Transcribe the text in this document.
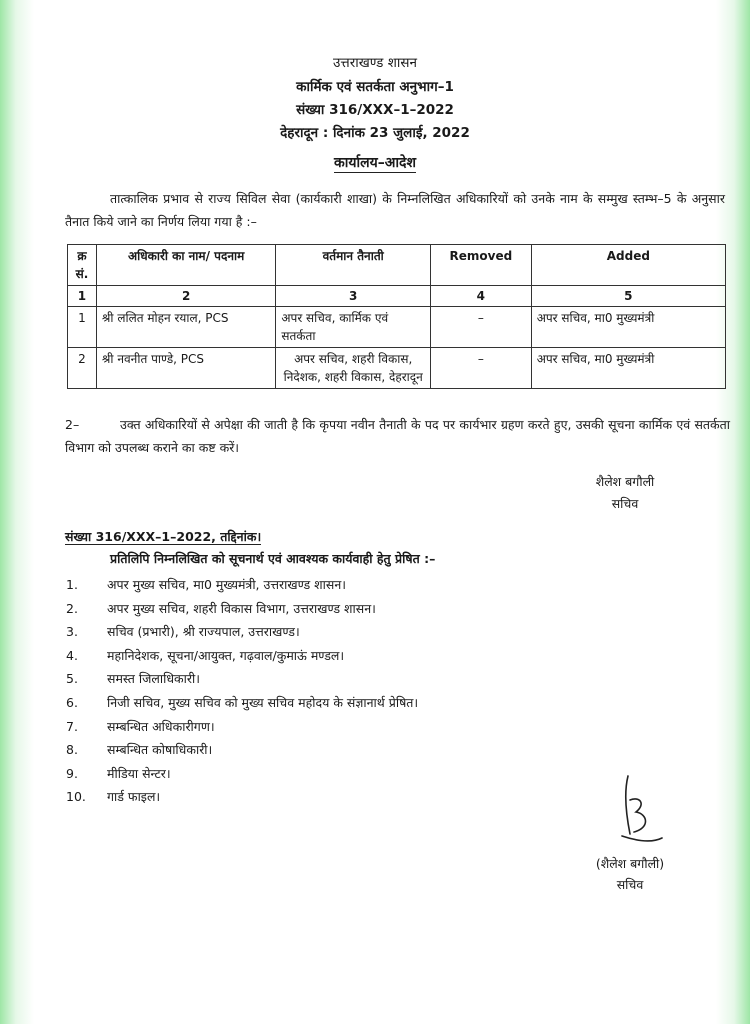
उत्तराखण्ड शासन
कार्मिक एवं सतर्कता अनुभाग–1
संख्या 316/XXX–1–2022
देहरादून : दिनांक 23 जुलाई, 2022
कार्यालय–आदेश
तात्कालिक प्रभाव से राज्य सिविल सेवा (कार्यकारी शाखा) के निम्नलिखित अधिकारियों को उनके नाम के सम्मुख स्तम्भ–5 के अनुसार तैनात किये जाने का निर्णय लिया गया है :–
क्र सं.	अधिकारी का नाम/ पदनाम	वर्तमान तैनाती	Removed	Added
1	2	3	4	5
1	श्री ललित मोहन रयाल, PCS	अपर सचिव, कार्मिक एवं सतर्कता	–	अपर सचिव, मा0 मुख्यमंत्री
2	श्री नवनीत पाण्डे, PCS	अपर सचिव, शहरी विकास, निदेशक, शहरी विकास, देहरादून	–	अपर सचिव, मा0 मुख्यमंत्री
2–	उक्त अधिकारियों से अपेक्षा की जाती है कि कृपया नवीन तैनाती के पद पर कार्यभार ग्रहण करते हुए, उसकी सूचना कार्मिक एवं सतर्कता विभाग को उपलब्ध कराने का कष्ट करें।
शैलेश बगौली
सचिव
संख्या 316/XXX–1–2022, तद्दिनांक।
प्रतिलिपि निम्नलिखित को सूचनार्थ एवं आवश्यक कार्यवाही हेतु प्रेषित :–
1. अपर मुख्य सचिव, मा0 मुख्यमंत्री, उत्तराखण्ड शासन।
2. अपर मुख्य सचिव, शहरी विकास विभाग, उत्तराखण्ड शासन।
3. सचिव (प्रभारी), श्री राज्यपाल, उत्तराखण्ड।
4. महानिदेशक, सूचना/आयुक्त, गढ़वाल/कुमाऊं मण्डल।
5. समस्त जिलाधिकारी।
6. निजी सचिव, मुख्य सचिव को मुख्य सचिव महोदय के संज्ञानार्थ प्रेषित।
7. सम्बन्धित अधिकारीगण।
8. सम्बन्धित कोषाधिकारी।
9. मीडिया सेन्टर।
10. गार्ड फाइल।
(शैलेश बगौली)
सचिव
